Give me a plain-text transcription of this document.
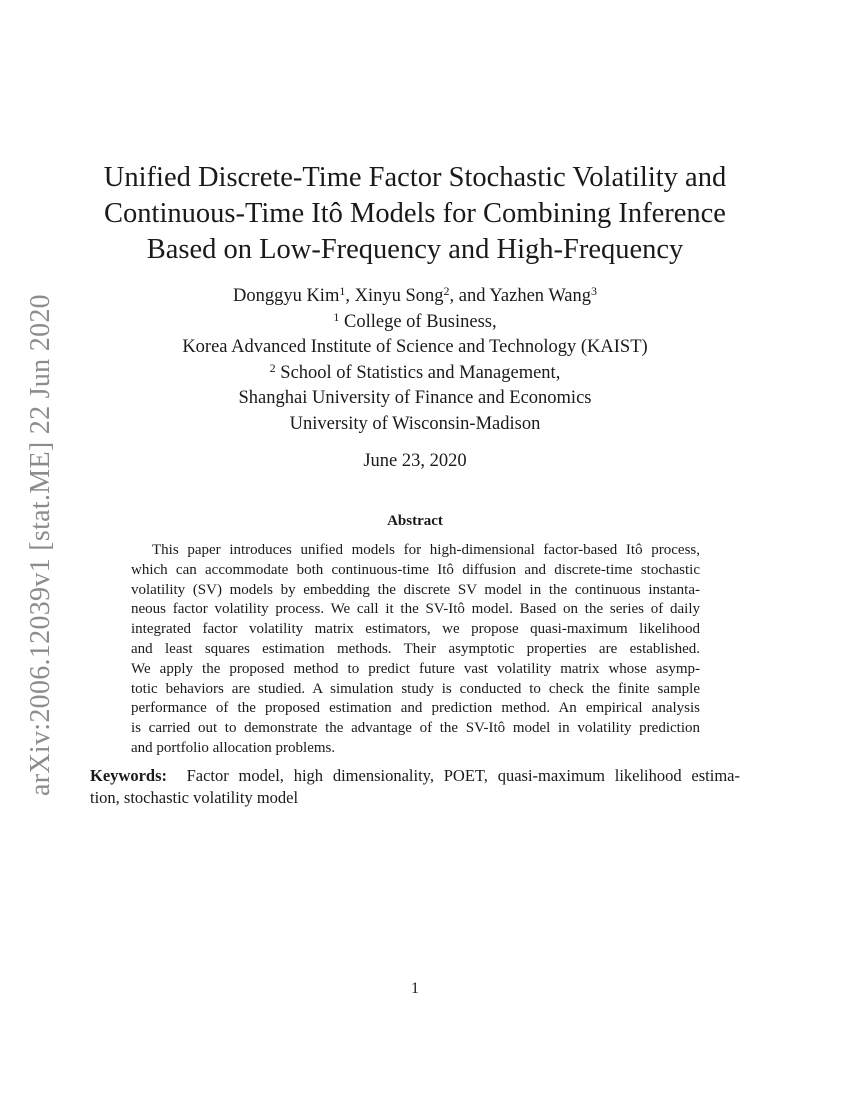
arXiv:2006.12039v1 [stat.ME] 22 Jun 2020
Unified Discrete-Time Factor Stochastic Volatility and
Continuous-Time Itô Models for Combining Inference
Based on Low-Frequency and High-Frequency
Donggyu Kim$^1$, Xinyu Song$^2$, and Yazhen Wang$^3$
$^1$ College of Business,
Korea Advanced Institute of Science and Technology (KAIST)
$^2$ School of Statistics and Management,
Shanghai University of Finance and Economics
University of Wisconsin-Madison
June 23, 2020
Abstract
This paper introduces unified models for high-dimensional factor-based Itô process,
which can accommodate both continuous-time Itô diffusion and discrete-time stochastic
volatility (SV) models by embedding the discrete SV model in the continuous instanta-
neous factor volatility process. We call it the SV-Itô model. Based on the series of daily
integrated factor volatility matrix estimators, we propose quasi-maximum likelihood
and least squares estimation methods. Their asymptotic properties are established.
We apply the proposed method to predict future vast volatility matrix whose asymp-
totic behaviors are studied. A simulation study is conducted to check the finite sample
performance of the proposed estimation and prediction method. An empirical analysis
is carried out to demonstrate the advantage of the SV-Itô model in volatility prediction
and portfolio allocation problems.
Keywords: Factor model, high dimensionality, POET, quasi-maximum likelihood estima-
tion, stochastic volatility model
1
